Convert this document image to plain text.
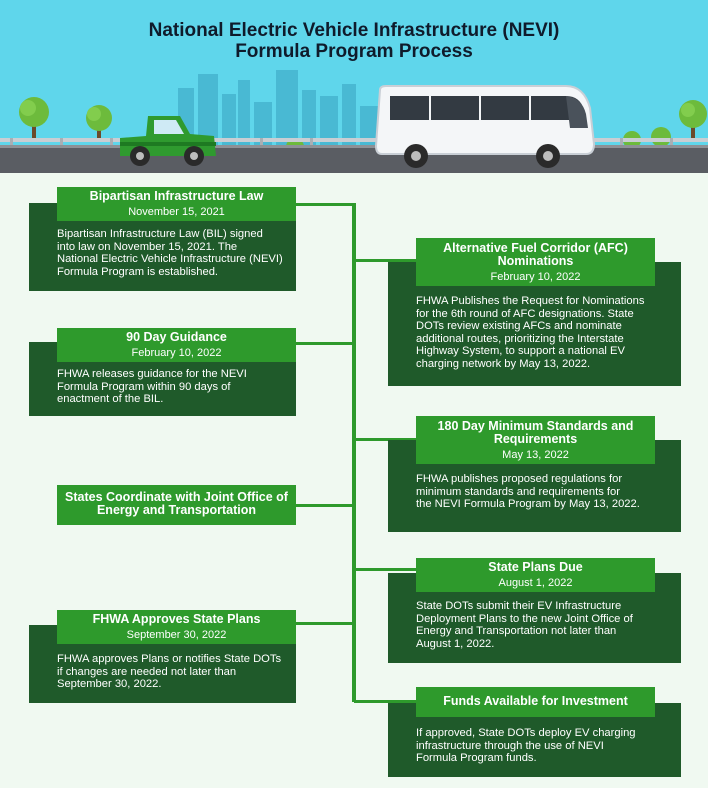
National Electric Vehicle Infrastructure (NEVI)
Formula Program Process
Bipartisan Infrastructure Law (BIL) signed
into law on November 15, 2021. The
National Electric Vehicle Infrastructure (NEVI)
Formula Program is established.
Bipartisan Infrastructure Law
November 15, 2021
FHWA Publishes the Request for Nominations
for the 6th round of AFC designations. State
DOTs review existing AFCs and nominate
additional routes, prioritizing the Interstate
Highway System, to support a national EV
charging network by May 13, 2022.
Alternative Fuel Corridor (AFC)
Nominations
February 10, 2022
FHWA releases guidance for the NEVI
Formula Program within 90 days of
enactment of the BIL.
90 Day Guidance
February 10, 2022
FHWA publishes proposed regulations for
minimum standards and requirements for
the NEVI Formula Program by May 13, 2022.
180 Day Minimum Standards and
Requirements
May 13, 2022
States Coordinate with Joint Office of
Energy and Transportation
State DOTs submit their EV Infrastructure
Deployment Plans to the new Joint Office of
Energy and Transportation not later than
August 1, 2022.
State Plans Due
August 1, 2022
FHWA approves Plans or notifies State DOTs
if changes are needed not later than
September 30, 2022.
FHWA Approves State Plans
September 30, 2022
If approved, State DOTs deploy EV charging
infrastructure through the use of NEVI
Formula Program funds.
Funds Available for Investment
